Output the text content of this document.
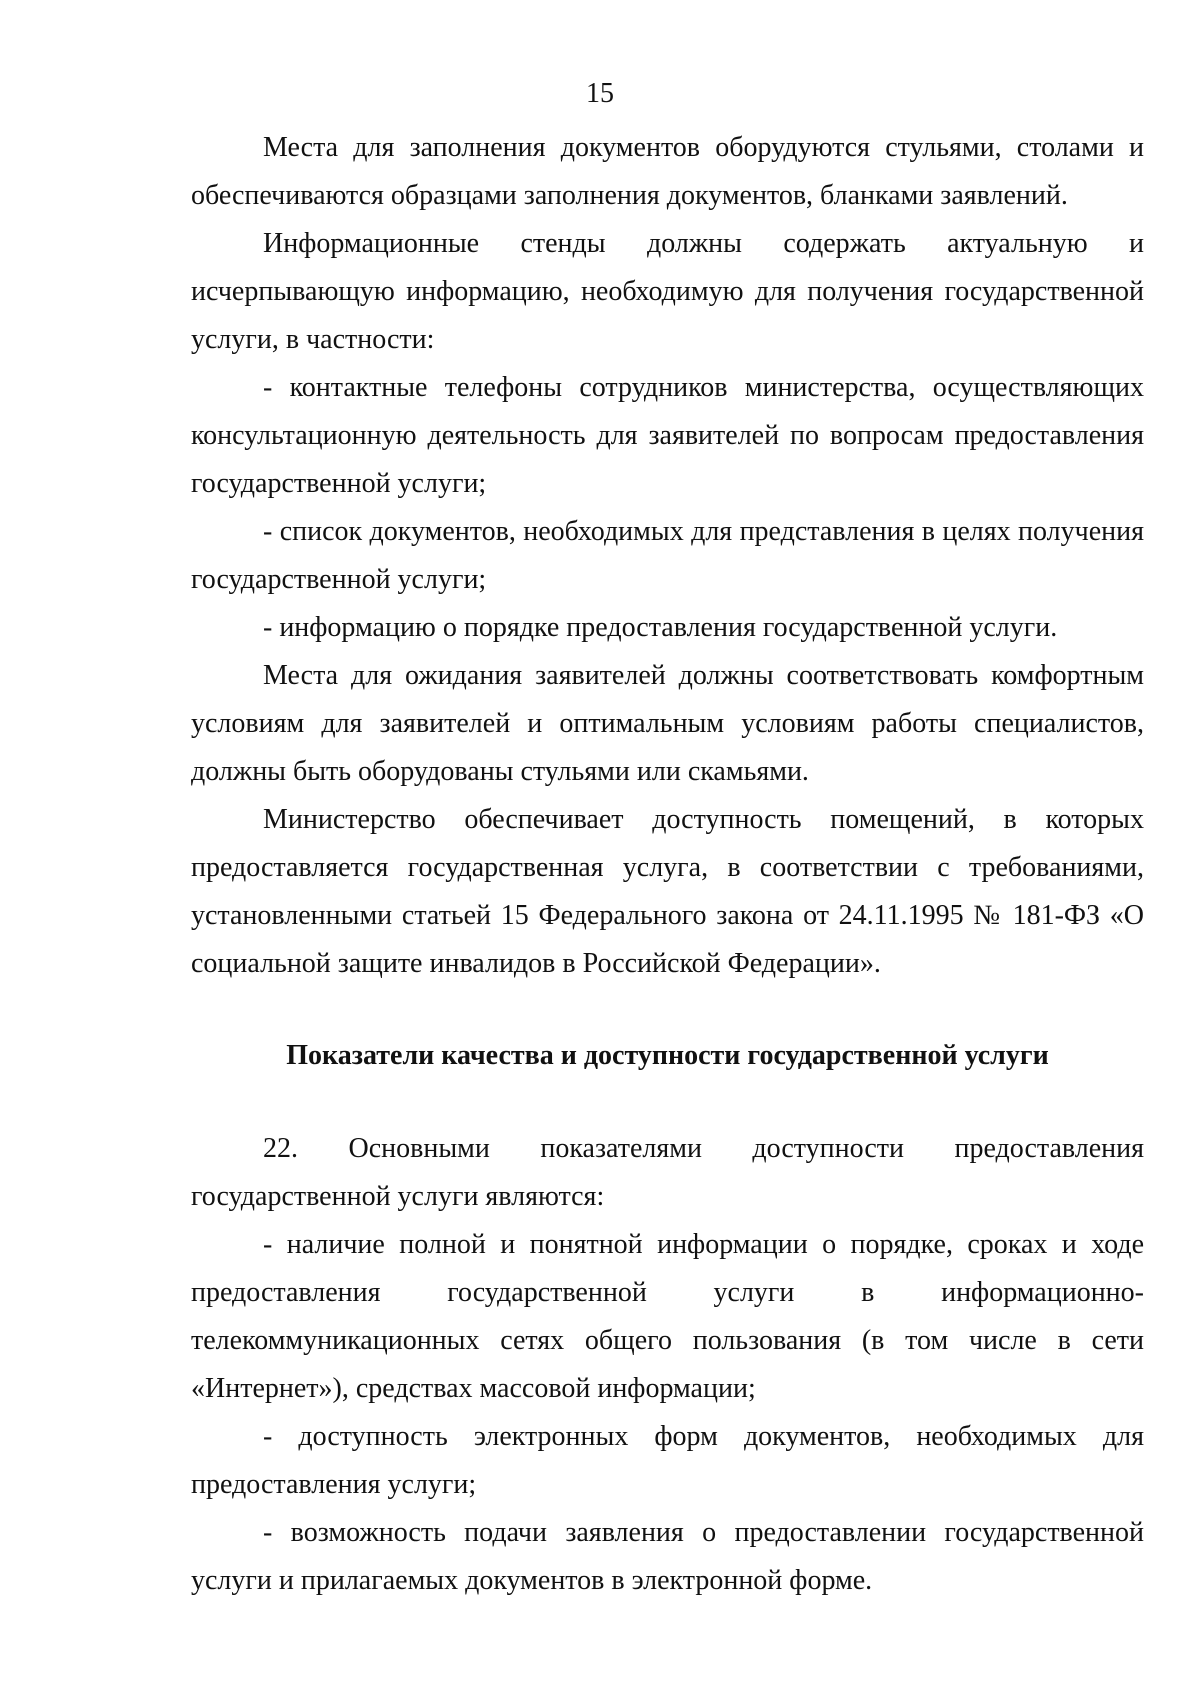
15

Места для заполнения документов оборудуются стульями, столами и обеспечиваются образцами заполнения документов, бланками заявлений.

Информационные стенды должны содержать актуальную и исчерпывающую информацию, необходимую для получения государственной услуги, в частности:

- контактные телефоны сотрудников министерства, осуществляющих консультационную деятельность для заявителей по вопросам предоставления государственной услуги;

- список документов, необходимых для представления в целях получения государственной услуги;

- информацию о порядке предоставления государственной услуги.

Места для ожидания заявителей должны соответствовать комфортным условиям для заявителей и оптимальным условиям работы специалистов, должны быть оборудованы стульями или скамьями.

Министерство обеспечивает доступность помещений, в которых предоставляется государственная услуга, в соответствии с требованиями, установленными статьей 15 Федерального закона от 24.11.1995 № 181-ФЗ «О социальной защите инвалидов в Российской Федерации».

Показатели качества и доступности государственной услуги

22. Основными показателями доступности предоставления государственной услуги являются:

- наличие полной и понятной информации о порядке, сроках и ходе предоставления государственной услуги в информационно-телекоммуникационных сетях общего пользования (в том числе в сети «Интернет»), средствах массовой информации;

- доступность электронных форм документов, необходимых для предоставления услуги;

- возможность подачи заявления о предоставлении государственной услуги и прилагаемых документов в электронной форме.
